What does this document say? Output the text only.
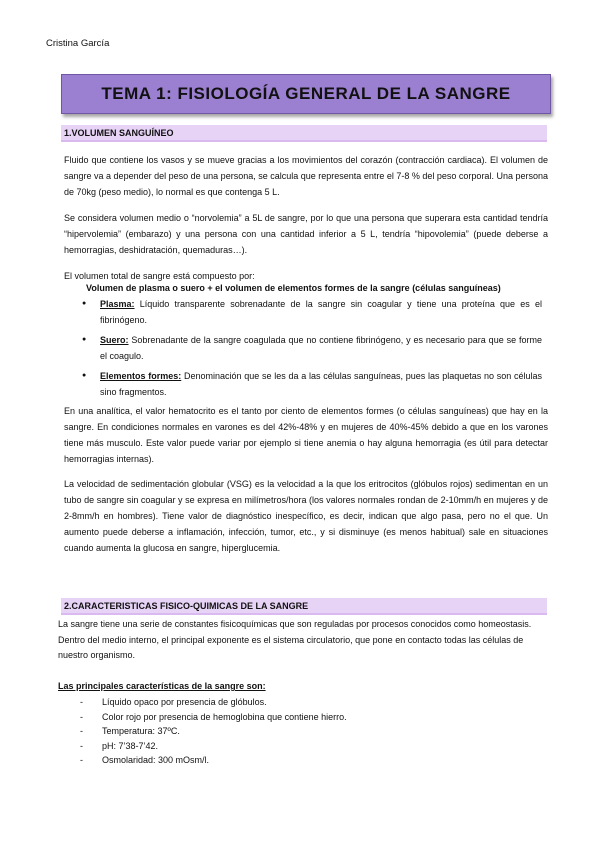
Cristina García
TEMA 1: FISIOLOGÍA GENERAL DE LA SANGRE
1.VOLUMEN SANGUÍNEO
Fluido que contiene los vasos y se mueve gracias a los movimientos del corazón (contracción cardiaca). El volumen de sangre va a depender del peso de una persona, se calcula que representa entre el 7-8 % del peso corporal. Una persona de 70kg (peso medio), lo normal es que contenga 5 L.
Se considera volumen medio o “norvolemia” a 5L de sangre, por lo que una persona que superara esta cantidad tendría “hipervolemia” (embarazo) y una persona con una cantidad inferior a 5 L, tendría “hipovolemia” (puede deberse a hemorragias, deshidratación, quemaduras…).
El volumen total de sangre está compuesto por:
Volumen de plasma o suero + el volumen de elementos formes de la sangre (células sanguíneas)
● Plasma: Líquido transparente sobrenadante de la sangre sin coagular y tiene una proteína que es el fibrinógeno.
● Suero: Sobrenadante de la sangre coagulada que no contiene fibrinógeno, y es necesario para que se forme el coagulo.
● Elementos formes: Denominación que se les da a las células sanguíneas, pues las plaquetas no son células sino fragmentos.
En una analítica, el valor hematocrito es el tanto por ciento de elementos formes (o células sanguíneas) que hay en la sangre. En condiciones normales en varones es del 42%-48% y en mujeres de 40%-45% debido a que en los varones tiene más musculo. Este valor puede variar por ejemplo si tiene anemia o hay alguna hemorragia (es útil para detectar hemorragias internas).
La velocidad de sedimentación globular (VSG) es la velocidad a la que los eritrocitos (glóbulos rojos) sedimentan en un tubo de sangre sin coagular y se expresa en milímetros/hora (los valores normales rondan de 2-10mm/h en mujeres y de 2-8mm/h en hombres). Tiene valor de diagnóstico inespecífico, es decir, indican que algo pasa, pero no el que. Un aumento puede deberse a inflamación, infección, tumor, etc., y si disminuye (es menos habitual) sale en situaciones cuando aumenta la glucosa en sangre, hiperglucemia.
2.CARACTERISTICAS FISICO-QUIMICAS DE LA SANGRE
La sangre tiene una serie de constantes fisicoquímicas que son reguladas por procesos conocidos como homeostasis. Dentro del medio interno, el principal exponente es el sistema circulatorio, que pone en contacto todas las células de nuestro organismo.
Las principales características de la sangre son:
- Líquido opaco por presencia de glóbulos.
- Color rojo por presencia de hemoglobina que contiene hierro.
- Temperatura: 37ºC.
- pH: 7’38-7’42.
- Osmolaridad: 300 mOsm/l.
